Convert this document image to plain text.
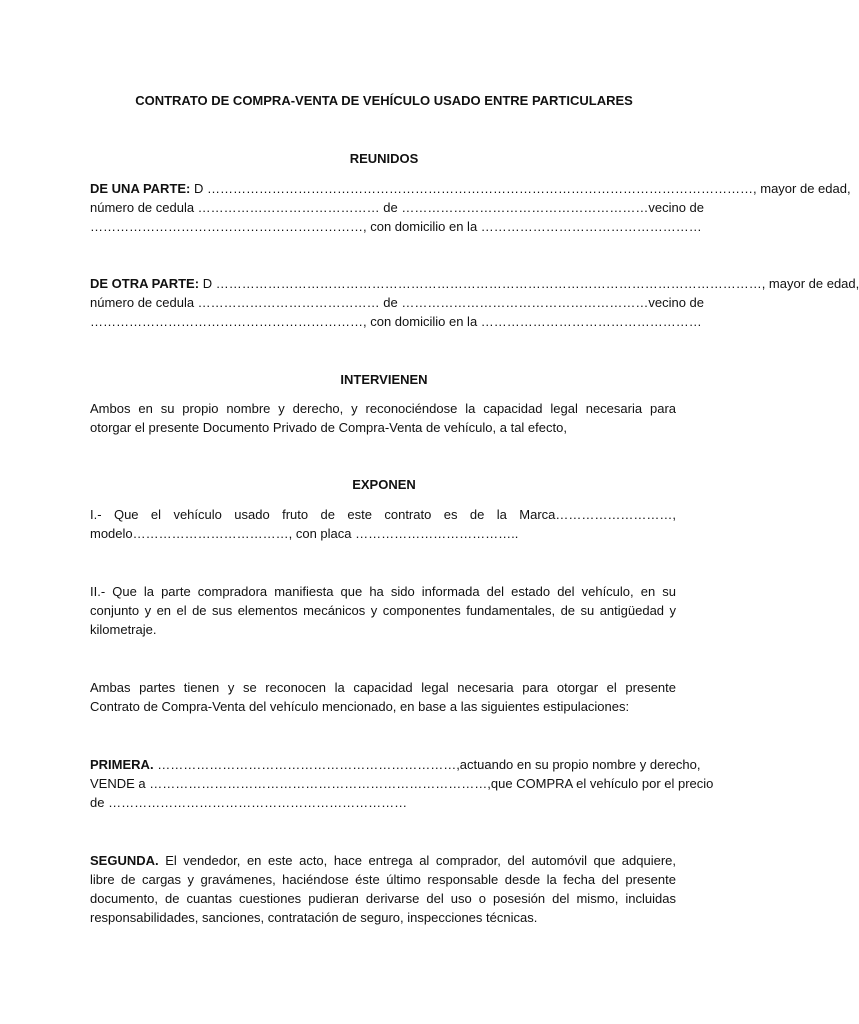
CONTRATO DE COMPRA-VENTA DE VEHÍCULO USADO ENTRE PARTICULARES
REUNIDOS
DE UNA PARTE: D ………………………………………………………………………………………………………………, mayor de edad,
número de cedula …………………………………… de …………………………………………………vecino de
………………………………………………………, con domicilio en la ……………………………………………
DE OTRA PARTE: D ………………………………………………………………………………………………………………, mayor de edad,
número de cedula …………………………………… de …………………………………………………vecino de
………………………………………………………, con domicilio en la ……………………………………………
INTERVIENEN
Ambos en su propio nombre y derecho, y reconociéndose la capacidad legal necesaria para
otorgar el presente Documento Privado de Compra-Venta de vehículo, a tal efecto,
EXPONEN
I.- Que el vehículo usado fruto de este contrato es de la Marca………………………,
modelo………………………………, con placa ………………………………..
II.- Que la parte compradora manifiesta que ha sido informada del estado del vehículo, en su
conjunto y en el de sus elementos mecánicos y componentes fundamentales, de su antigüedad y
kilometraje.
Ambas partes tienen y se reconocen la capacidad legal necesaria para otorgar el presente
Contrato de Compra-Venta del vehículo mencionado, en base a las siguientes estipulaciones:
PRIMERA. ……………………………………………………………,actuando en su propio nombre y derecho,
VENDE a ……………………………………………………………………,que COMPRA el vehículo por el precio
de ……………………………………………………………
SEGUNDA. El vendedor, en este acto, hace entrega al comprador, del automóvil que adquiere,
libre de cargas y gravámenes, haciéndose éste último responsable desde la fecha del presente
documento, de cuantas cuestiones pudieran derivarse del uso o posesión del mismo, incluidas
responsabilidades, sanciones, contratación de seguro, inspecciones técnicas.
